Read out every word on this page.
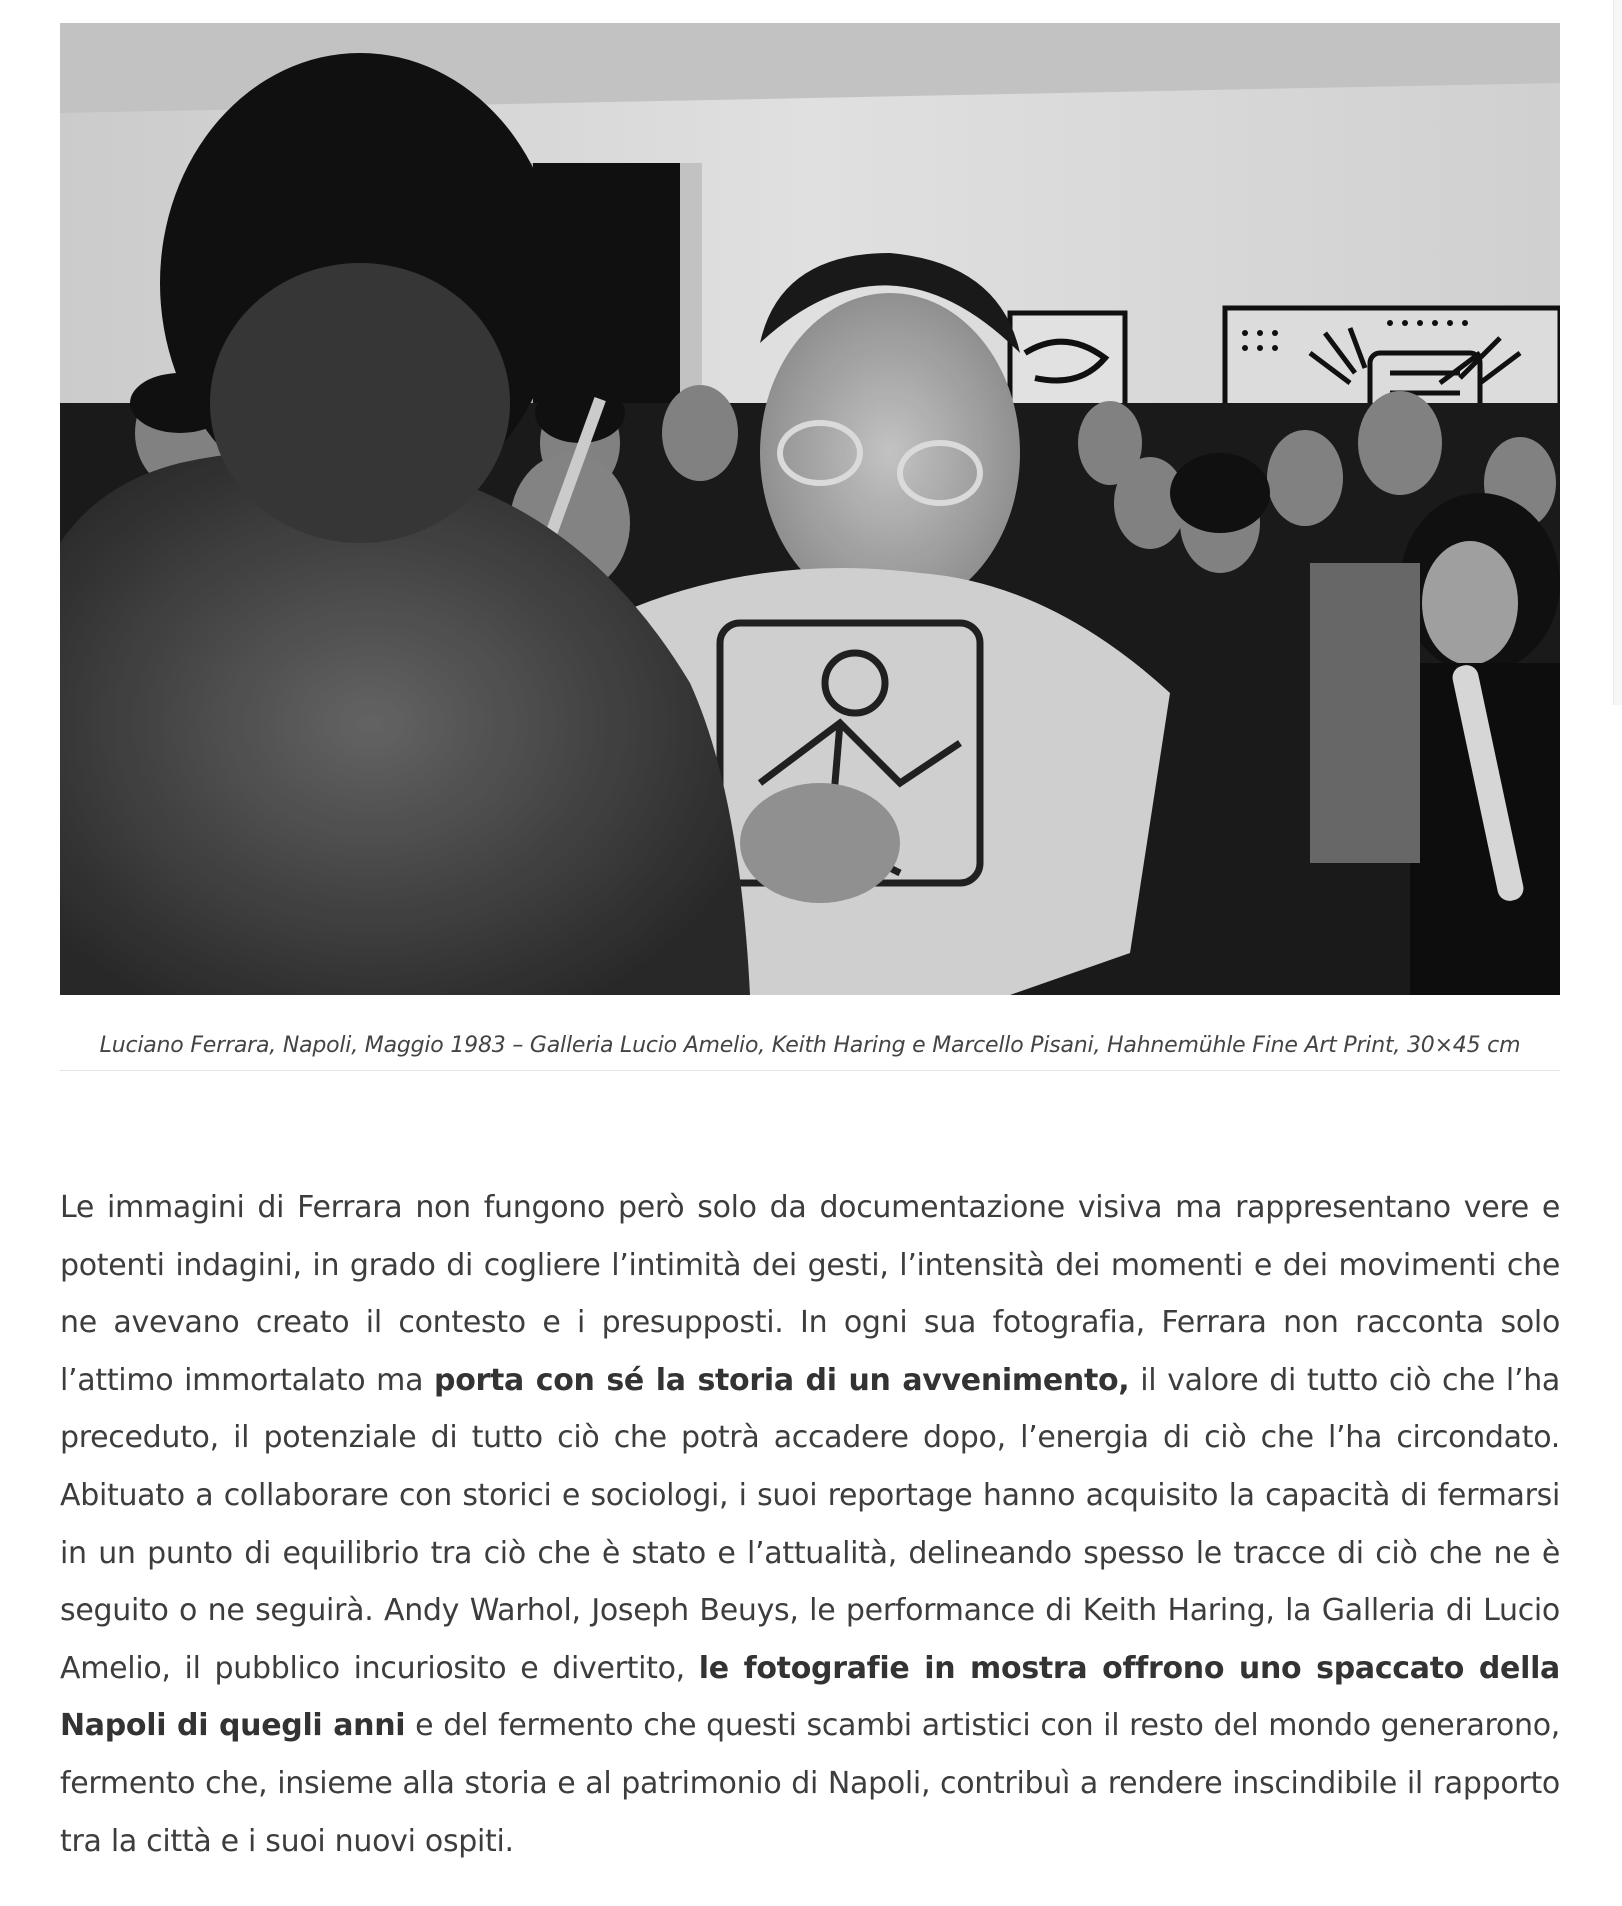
Luciano Ferrara, Napoli, Maggio 1983 – Galleria Lucio Amelio, Keith Haring e Marcello Pisani, Hahnemühle Fine Art Print, 30×45 cm

Le immagini di Ferrara non fungono però solo da documentazione visiva ma rappresentano vere e potenti indagini, in grado di cogliere l’intimità dei gesti, l’intensità dei momenti e dei movimenti che ne avevano creato il contesto e i presupposti. In ogni sua fotografia, Ferrara non racconta solo l’attimo immortalato ma porta con sé la storia di un avvenimento, il valore di tutto ciò che l’ha preceduto, il potenziale di tutto ciò che potrà accadere dopo, l’energia di ciò che l’ha circondato. Abituato a collaborare con storici e sociologi, i suoi reportage hanno acquisito la capacità di fermarsi in un punto di equilibrio tra ciò che è stato e l’attualità, delineando spesso le tracce di ciò che ne è seguito o ne seguirà. Andy Warhol, Joseph Beuys, le performance di Keith Haring, la Galleria di Lucio Amelio, il pubblico incuriosito e divertito, le fotografie in mostra offrono uno spaccato della Napoli di quegli anni e del fermento che questi scambi artistici con il resto del mondo generarono, fermento che, insieme alla storia e al patrimonio di Napoli, contribuì a rendere inscindibile il rapporto tra la città e i suoi nuovi ospiti.
